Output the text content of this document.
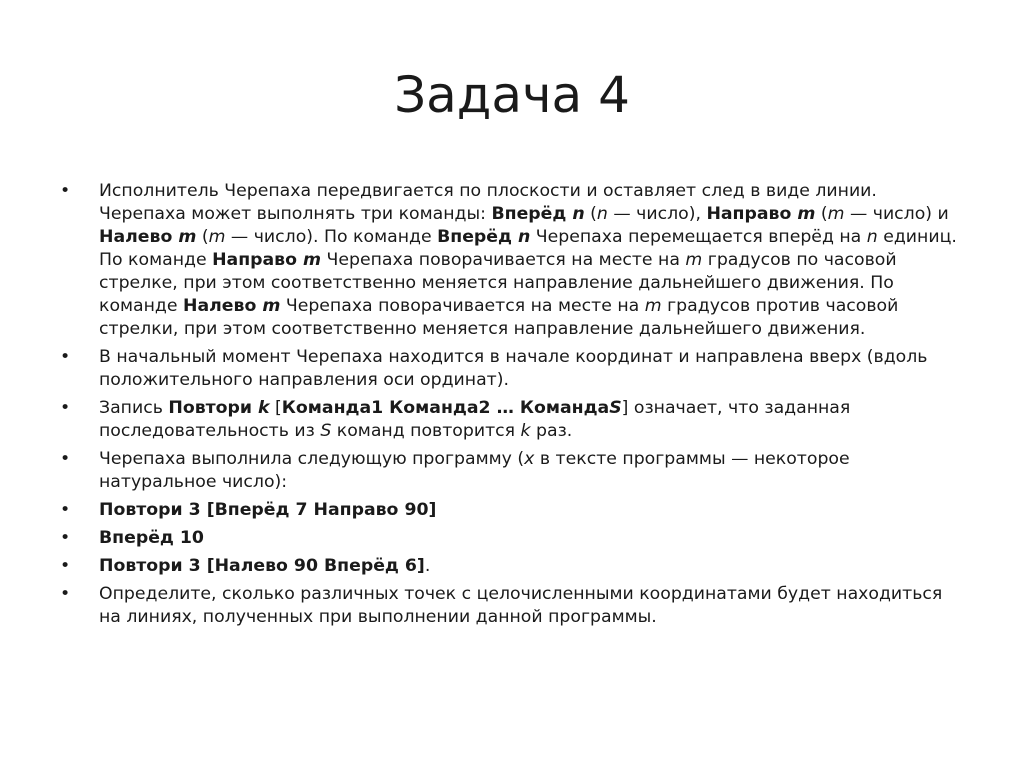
Задача 4
• Исполнитель Черепаха передвигается по плоскости и оставляет след в виде линии. Черепаха может выполнять три команды: Вперёд n (n — число), Направо m (m — число) и Налево m (m — число). По команде Вперёд n Черепаха перемещается вперёд на n единиц. По команде Направо m Черепаха поворачивается на месте на m градусов по часовой стрелке, при этом соответственно меняется направление дальнейшего движения. По команде Налево m Черепаха поворачивается на месте на m градусов против часовой стрелки, при этом соответственно меняется направление дальнейшего движения.
• В начальный момент Черепаха находится в начале координат и направлена вверх (вдоль положительного направления оси ординат).
• Запись Повтори k [Команда1 Команда2 … КомандаS] означает, что заданная последовательность из S команд повторится k раз.
• Черепаха выполнила следующую программу (x в тексте программы — некоторое натуральное число):
• Повтори 3 [Вперёд 7 Направо 90]
• Вперёд 10
• Повтори 3 [Налево 90 Вперёд 6].
• Определите, сколько различных точек с целочисленными координатами будет находиться на линиях, полученных при выполнении данной программы.
